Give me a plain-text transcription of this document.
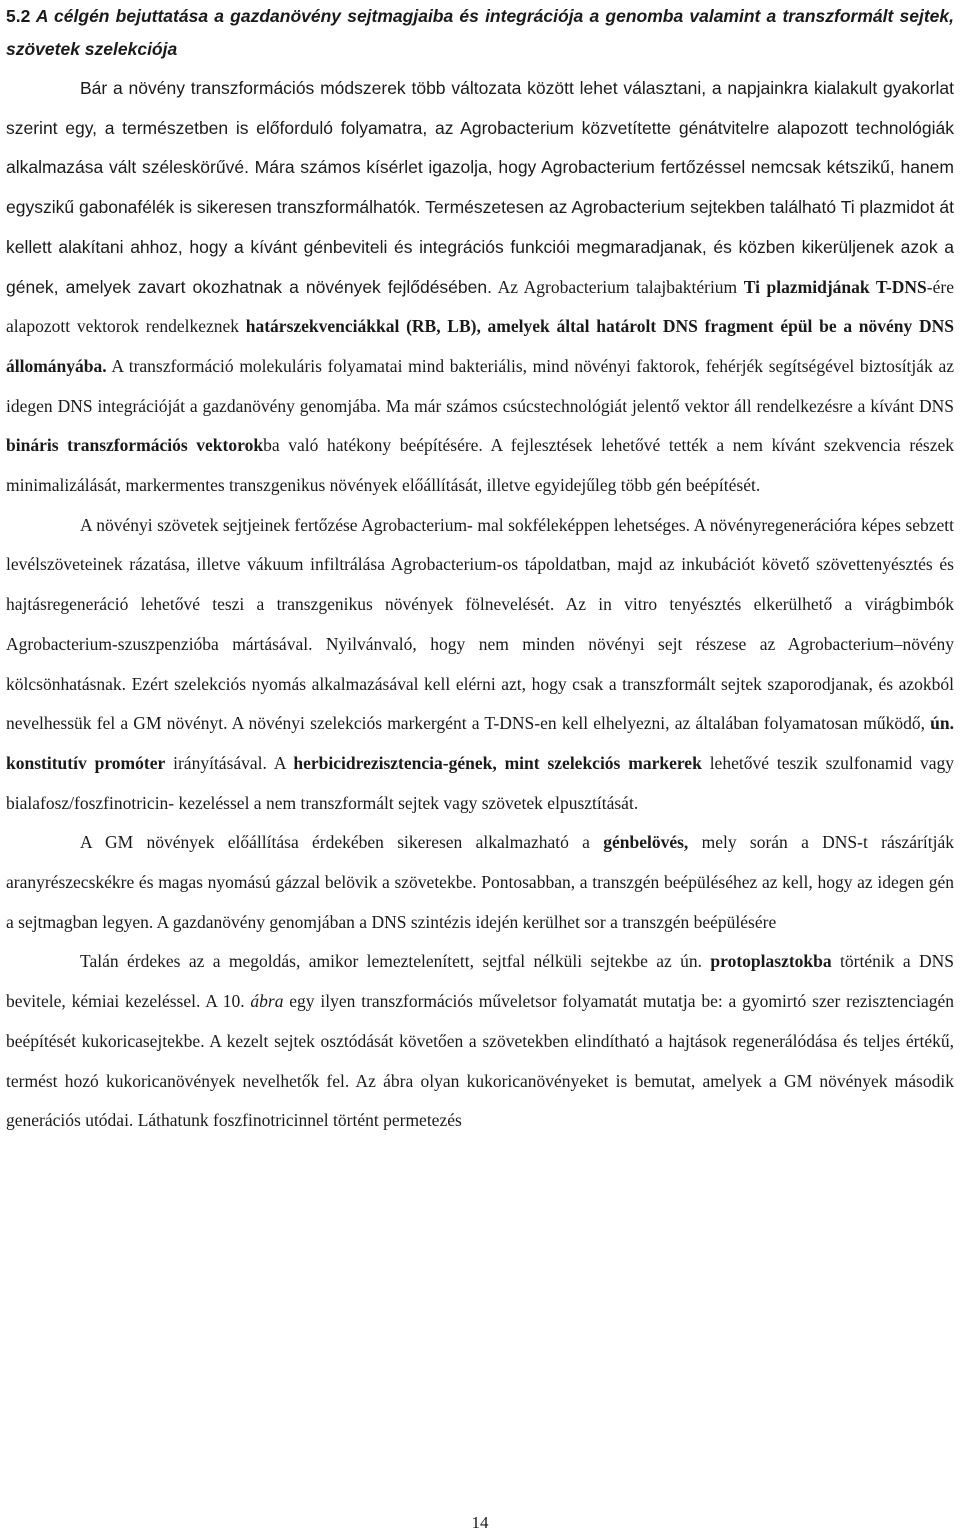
5.2 A célgén bejuttatása a gazdanövény sejtmagjaiba és integrációja a genomba valamint a transzformált sejtek, szövetek szelekciója

Bár a növény transzformációs módszerek több változata között lehet választani, a napjainkra kialakult gyakorlat szerint egy, a természetben is előforduló folyamatra, az Agrobacterium közvetítette génátvitelre alapozott technológiák alkalmazása vált széleskörűvé. Mára számos kísérlet igazolja, hogy Agrobacterium fertőzéssel nemcsak kétszikű, hanem egyszikű gabonafélék is sikeresen transzformálhatók. Természetesen az Agrobacterium sejtekben található Ti plazmidot át kellett alakítani ahhoz, hogy a kívánt génbeviteli és integrációs funkciói megmaradjanak, és közben kikerüljenek azok a gének, amelyek zavart okozhatnak a növények fejlődésében. Az Agrobacterium talajbaktérium Ti plazmidjának T-DNS-ére alapozott vektorok rendelkeznek határszekvenciákkal (RB, LB), amelyek által határolt DNS fragment épül be a növény DNS állományába. A transzformáció molekuláris folyamatai mind bakteriális, mind növényi faktorok, fehérjék segítségével biztosítják az idegen DNS integrációját a gazdanövény genomjába. Ma már számos csúcstechnológiát jelentő vektor áll rendelkezésre a kívánt DNS bináris transzformációs vektorokba való hatékony beépítésére. A fejlesztések lehetővé tették a nem kívánt szekvencia részek minimalizálását, markermentes transzgenikus növények előállítását, illetve egyidejűleg több gén beépítését.

A növényi szövetek sejtjeinek fertőzése Agrobacterium- mal sokféleképpen lehetséges. A növényregenerációra képes sebzett levélszöveteinek rázatása, illetve vákuum infiltrálása Agrobacterium-os tápoldatban, majd az inkubációt követő szövettenyésztés és hajtásregeneráció lehetővé teszi a transzgenikus növények fölnevelését. Az in vitro tenyésztés elkerülhető a virágbimbók Agrobacterium-szuszpenzióba mártásával. Nyilvánvaló, hogy nem minden növényi sejt részese az Agrobacterium–növény kölcsönhatásnak. Ezért szelekciós nyomás alkalmazásával kell elérni azt, hogy csak a transzformált sejtek szaporodjanak, és azokból nevelhessük fel a GM növényt. A növényi szelekciós markergént a T-DNS-en kell elhelyezni, az általában folyamatosan működő, ún. konstitutív promóter irányításával. A herbicidrezisztencia-gének, mint szelekciós markerek lehetővé teszik szulfonamid vagy bialafosz/foszfinotricin- kezeléssel a nem transzformált sejtek vagy szövetek elpusztítását.

A GM növények előállítása érdekében sikeresen alkalmazható a génbelövés, mely során a DNS-t rászárítják aranyrészecskékre és magas nyomású gázzal belövik a szövetekbe. Pontosabban, a transzgén beépüléséhez az kell, hogy az idegen gén a sejtmagban legyen. A gazdanövény genomjában a DNS szintézis idején kerülhet sor a transzgén beépülésére

Talán érdekes az a megoldás, amikor lemeztelenített, sejtfal nélküli sejtekbe az ún. protoplasztokba történik a DNS bevitele, kémiai kezeléssel. A 10. ábra egy ilyen transzformációs műveletsor folyamatát mutatja be: a gyomirtó szer rezisztenciagén beépítését kukoricasejtekbe. A kezelt sejtek osztódását követően a szövetekben elindítható a hajtások regenerálódása és teljes értékű, termést hozó kukoricanövények nevelhetők fel. Az ábra olyan kukoricanövényeket is bemutat, amelyek a GM növények második generációs utódai. Láthatunk foszfinotricinnel történt permetezés

14
